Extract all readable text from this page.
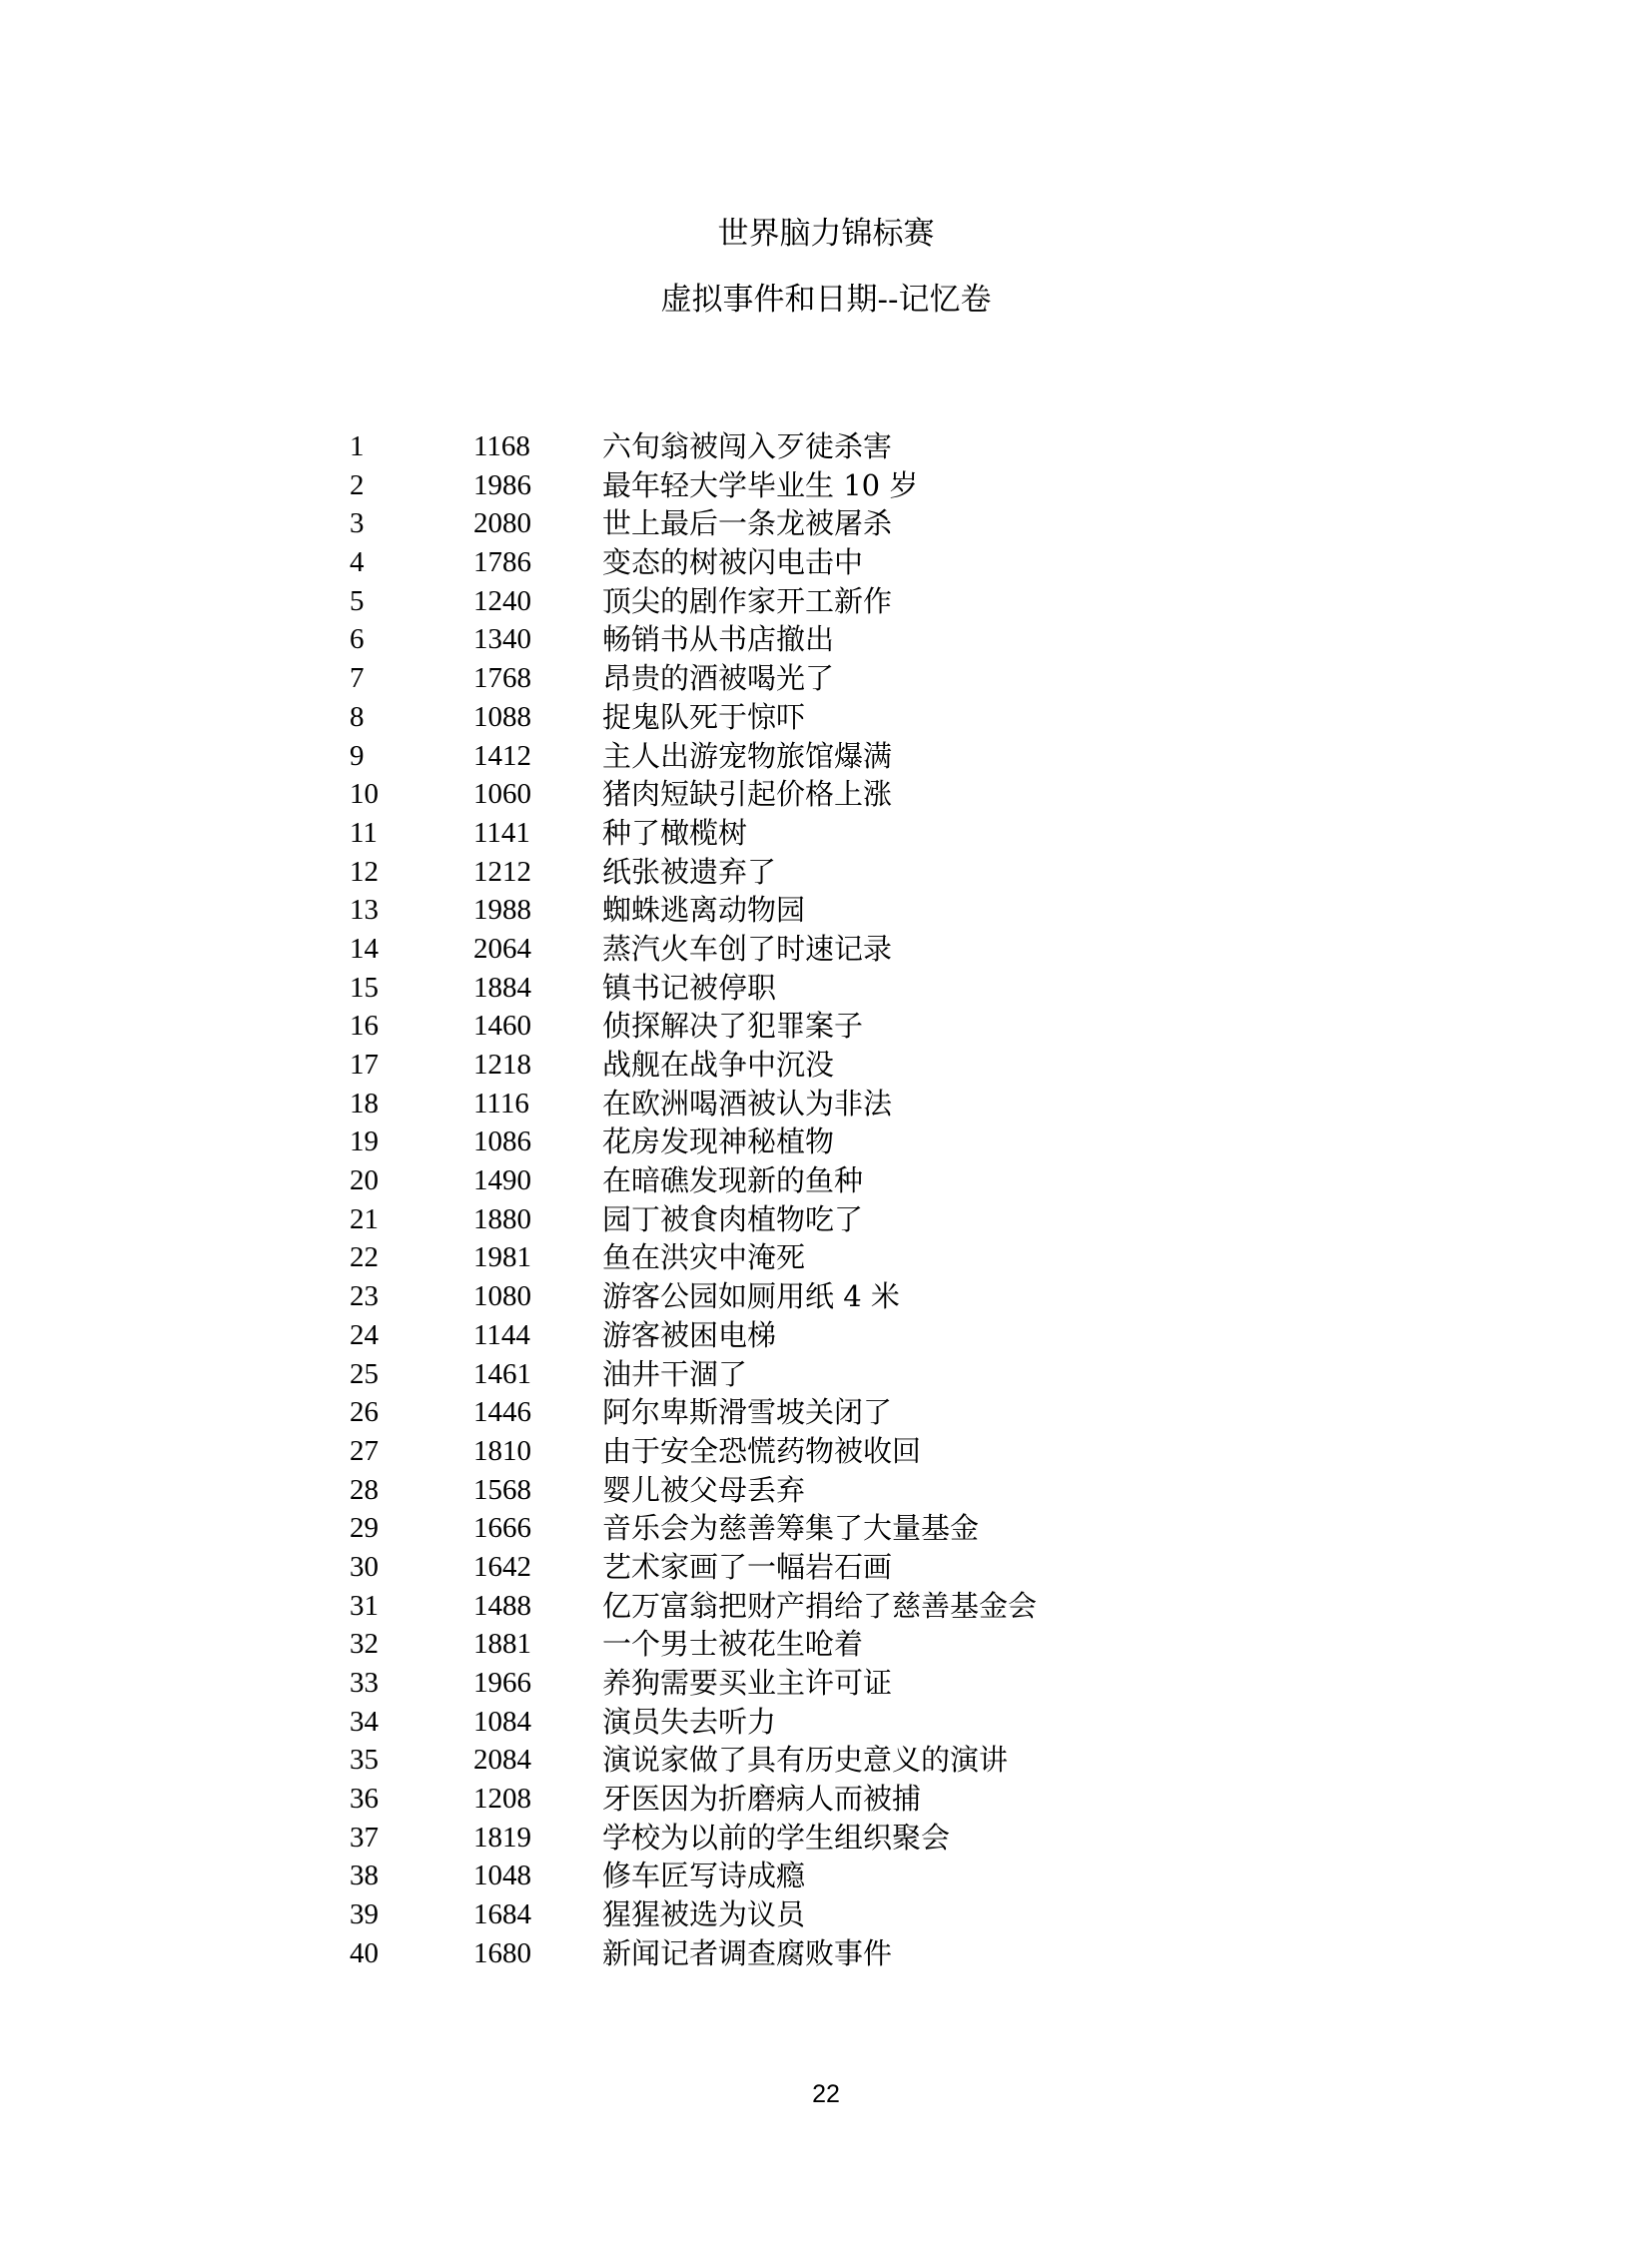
世界脑力锦标赛
虚拟事件和日期--记忆卷
1	1168 六旬翁被闯入歹徒杀害
2	1986 最年轻大学毕业生 10 岁
3	2080 世上最后一条龙被屠杀
4	1786 变态的树被闪电击中
5	1240 顶尖的剧作家开工新作
6	1340 畅销书从书店撤出
7	1768 昂贵的酒被喝光了
8	1088 捉鬼队死于惊吓
9	1412 主人出游宠物旅馆爆满
10	1060 猪肉短缺引起价格上涨
11	1141 种了橄榄树
12	1212 纸张被遗弃了
13	1988 蜘蛛逃离动物园
14	2064 蒸汽火车创了时速记录
15	1884 镇书记被停职
16	1460 侦探解决了犯罪案子
17	1218 战舰在战争中沉没
18	1116	在欧洲喝酒被认为非法
19	1086 花房发现神秘植物
20	1490 在暗礁发现新的鱼种
21	1880 园丁被食肉植物吃了
22	1981 鱼在洪灾中淹死
23	1080 游客公园如厕用纸 4 米
24	1144 游客被困电梯
25	1461 油井干涸了
26	1446 阿尔卑斯滑雪坡关闭了
27	1810 由于安全恐慌药物被收回
28	1568 婴儿被父母丢弃
29	1666 音乐会为慈善筹集了大量基金
30	1642 艺术家画了一幅岩石画
31	1488 亿万富翁把财产捐给了慈善基金会
32	1881 一个男士被花生呛着
33	1966 养狗需要买业主许可证
34	1084 演员失去听力
35	2084 演说家做了具有历史意义的演讲
36	1208 牙医因为折磨病人而被捕
37	1819 学校为以前的学生组织聚会
38	1048 修车匠写诗成瘾
39	1684 猩猩被选为议员
40	1680 新闻记者调查腐败事件
22
